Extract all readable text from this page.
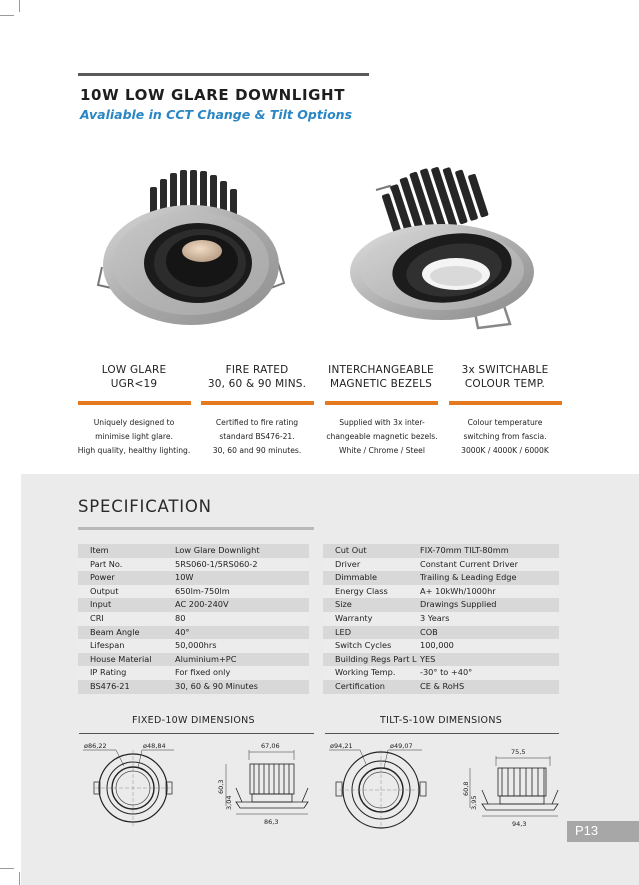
10W LOW GLARE DOWNLIGHT
Avaliable in CCT Change & Tilt Options
LOW GLARE
UGR<19
FIRE RATED
30, 60 & 90 MINS.
INTERCHANGEABLE
MAGNETIC BEZELS
3x SWITCHABLE
COLOUR TEMP.
Uniquely designed to
minimise light glare.
High quality, healthy lighting.
Certified to fire rating
standard BS476-21.
30, 60 and 90 minutes.
Supplied with 3x inter-
changeable magnetic bezels.
White / Chrome / Steel
Colour temperature
switching from fascia.
3000K / 4000K / 6000K
SPECIFICATION
Item	Low Glare Downlight
Part No.	5RS060-1/5RS060-2
Power	10W
Output	650lm-750lm
Input	AC 200-240V
CRI	80
Beam Angle	40°
Lifespan	50,000hrs
House Material	Aluminium+PC
IP Rating	For fixed only
BS476-21	30, 60 & 90 Minutes
Cut Out	FIX-70mm TILT-80mm
Driver	Constant Current Driver
Dimmable	Trailing & Leading Edge
Energy Class	A+ 10kWh/1000hr
Size	Drawings Supplied
Warranty	3 Years
LED	COB
Switch Cycles	100,000
Building Regs Part L YES
Working Temp.	-30° to +40°
Certification	CE & RoHS
FIXED-10W DIMENSIONS	TILT-S-10W DIMENSIONS
ø86,22	ø48,84	67,06
60,3
3,04
86,3
ø94,21	ø49,07
75,5
60,8
3,95
94,3	P13
